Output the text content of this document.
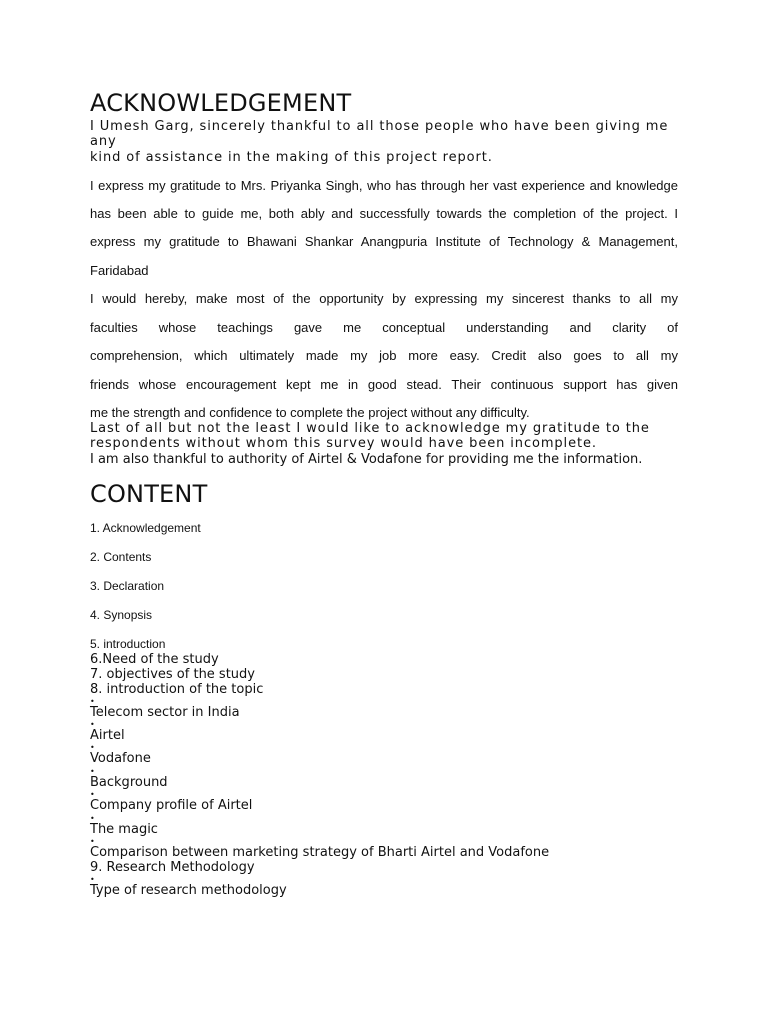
ACKNOWLEDGEMENT
I Umesh Garg, sincerely thankful to all those people who have been giving me
any
kind of assistance in the making of this project report.
I express my gratitude to Mrs. Priyanka Singh, who has through her vast experience and knowledge
has been able to guide me, both ably and successfully towards the completion of the project. I
express my gratitude to Bhawani Shankar Anangpuria Institute of Technology & Management,
Faridabad
I would hereby, make most of the opportunity by expressing my sincerest thanks to all my
faculties whose teachings gave me conceptual understanding and clarity of
comprehension, which ultimately made my job more easy. Credit also goes to all my
friends whose encouragement kept me in good stead. Their continuous support has given
me the strength and confidence to complete the project without any difficulty.
Last of all but not the least I would like to acknowledge my gratitude to the
respondents without whom this survey would have been incomplete.
I am also thankful to authority of Airtel & Vodafone for providing me the information.
CONTENT
1. Acknowledgement
2. Contents
3. Declaration
4. Synopsis
5. introduction
6.Need of the study
7. objectives of the study
8. introduction of the topic
•
Telecom sector in India
•
Airtel
•
Vodafone
•
Background
•
Company profile of Airtel
•
The magic
•
Comparison between marketing strategy of Bharti Airtel and Vodafone
9. Research Methodology
•
Type of research methodology
